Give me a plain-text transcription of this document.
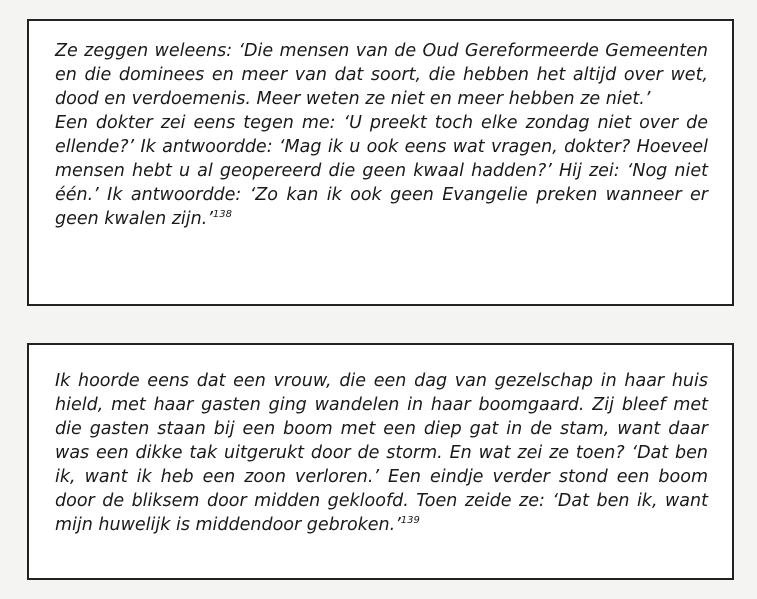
Ze zeggen weleens: ‘Die mensen van de Oud Gereformeerde Gemeenten en die dominees en meer van dat soort, die hebben het altijd over wet, dood en verdoemenis. Meer weten ze niet en meer hebben ze niet.’

Een dokter zei eens tegen me: ‘U preekt toch elke zondag niet over de ellende?’ Ik antwoordde: ‘Mag ik u ook eens wat vragen, dokter? Hoeveel mensen hebt u al geopereerd die geen kwaal hadden?’ Hij zei: ‘Nog niet één.’ Ik antwoordde: ‘Zo kan ik ook geen Evangelie preken wanneer er geen kwalen zijn.’$^{138}$

Ik hoorde eens dat een vrouw, die een dag van gezelschap in haar huis hield, met haar gasten ging wandelen in haar boomgaard. Zij bleef met die gasten staan bij een boom met een diep gat in de stam, want daar was een dikke tak uitgerukt door de storm. En wat zei ze toen? ‘Dat ben ik, want ik heb een zoon verloren.’ Een eindje verder stond een boom door de bliksem door midden gekloofd. Toen zeide ze: ‘Dat ben ik, want mijn huwelijk is middendoor gebroken.’$^{139}$
